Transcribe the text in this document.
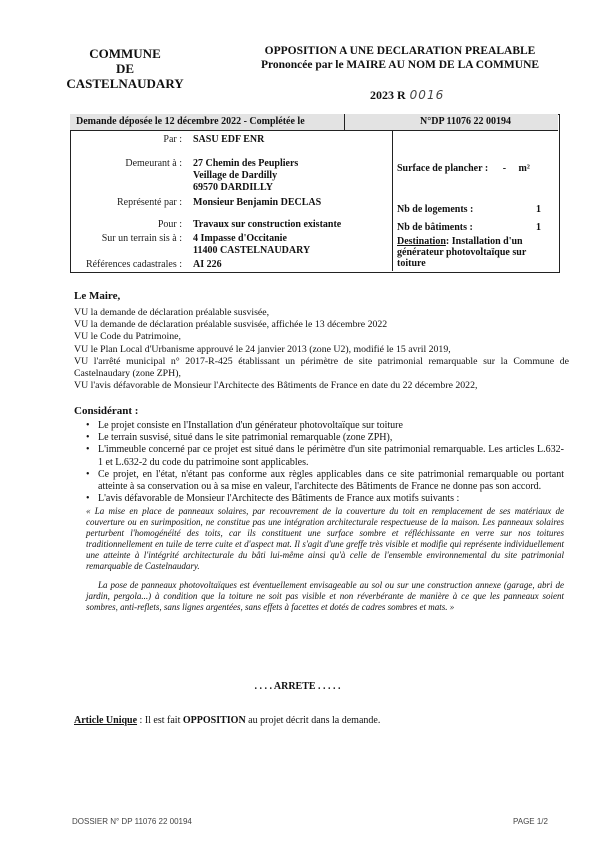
COMMUNE
DE
CASTELNAUDARY
OPPOSITION A UNE DECLARATION PREALABLE
Prononcée par le MAIRE AU NOM DE LA COMMUNE
2023 R 0016
Demande déposée le 12 décembre 2022 - Complétée le	N°DP 11076 22 00194
Par : SASU EDF ENR
Demeurant à : 27 Chemin des Peupliers
Veillage de Dardilly
69570 DARDILLY
Représenté par : Monsieur Benjamin DECLAS
Pour : Travaux sur construction existante
Sur un terrain sis à : 4 Impasse d'Occitanie
11400 CASTELNAUDARY
Références cadastrales : AI 226
Surface de plancher : - m²
Nb de logements :	1
Nb de bâtiments :	1
Destination: Installation d'un générateur photovoltaïque sur toiture
Le Maire,
VU la demande de déclaration préalable susvisée,
VU la demande de déclaration préalable susvisée, affichée le 13 décembre 2022
VU le Code du Patrimoine,
VU le Plan Local d'Urbanisme approuvé le 24 janvier 2013 (zone U2), modifié le 15 avril 2019,
VU l'arrêté municipal n° 2017-R-425 établissant un périmètre de site patrimonial remarquable sur la Commune de Castelnaudary (zone ZPH),
VU l'avis défavorable de Monsieur l'Architecte des Bâtiments de France en date du 22 décembre 2022,
Considérant :
• Le projet consiste en l'Installation d'un générateur photovoltaïque sur toiture
• Le terrain susvisé, situé dans le site patrimonial remarquable (zone ZPH),
• L'immeuble concerné par ce projet est situé dans le périmètre d'un site patrimonial remarquable. Les articles L.632-1 et L.632-2 du code du patrimoine sont applicables.
• Ce projet, en l'état, n'étant pas conforme aux règles applicables dans ce site patrimonial remarquable ou portant atteinte à sa conservation ou à sa mise en valeur, l'architecte des Bâtiments de France ne donne pas son accord.
• L'avis défavorable de Monsieur l'Architecte des Bâtiments de France aux motifs suivants :
« La mise en place de panneaux solaires, par recouvrement de la couverture du toit en remplacement de ses matériaux de couverture ou en surimposition, ne constitue pas une intégration architecturale respectueuse de la maison. Les panneaux solaires perturbent l'homogénéité des toits, car ils constituent une surface sombre et réfléchissante en verre sur nos toitures traditionnellement en tuile de terre cuite et d'aspect mat. Il s'agit d'une greffe très visible et modifie qui représente individuellement une atteinte à l'intégrité architecturale du bâti lui-même ainsi qu'à celle de l'ensemble environnemental du site patrimonial remarquable de Castelnaudary.
La pose de panneaux photovoltaïques est éventuellement envisageable au sol ou sur une construction annexe (garage, abri de jardin, pergola...) à condition que la toiture ne soit pas visible et non réverbérante de manière à ce que les panneaux soient sombres, anti-reflets, sans lignes argentées, sans effets à facettes et dotés de cadres sombres et mats. »
. . . . ARRETE . . . . .
Article Unique : Il est fait OPPOSITION au projet décrit dans la demande.
DOSSIER N° DP 11076 22 00194	PAGE 1/2
